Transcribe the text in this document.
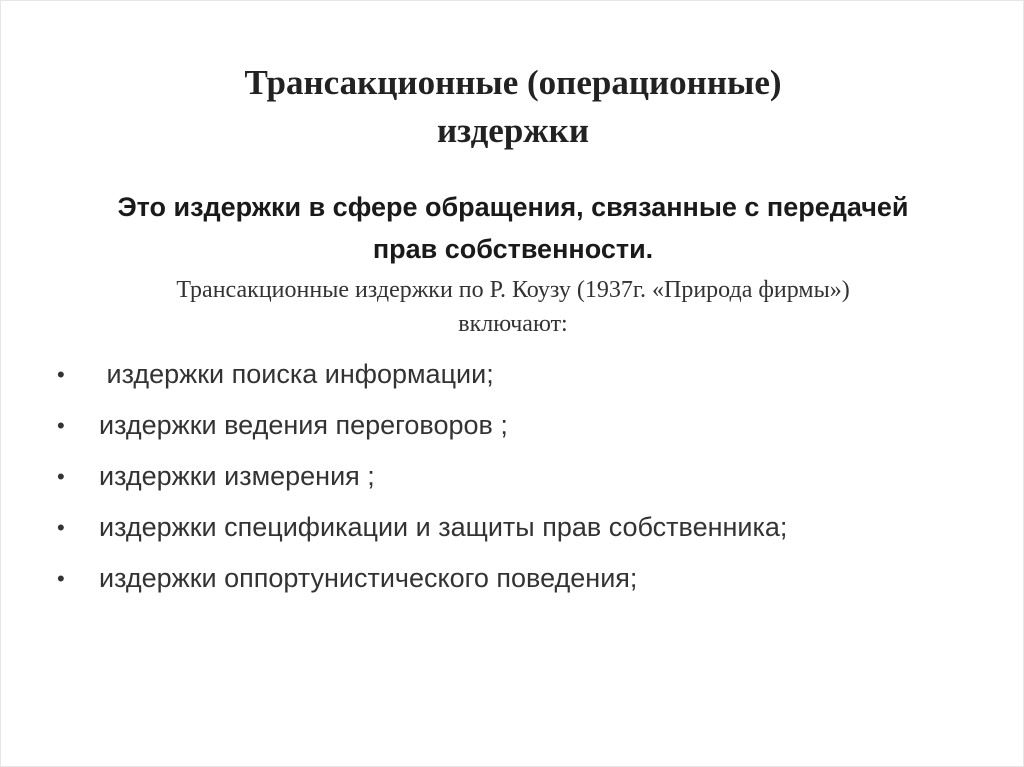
Трансакционные (операционные)
издержки
Это издержки в сфере обращения, связанные с передачей
прав собственности.
Трансакционные издержки по Р. Коузу (1937г. «Природа фирмы»)
включают:
• издержки поиска информации;
• издержки ведения переговоров ;
• издержки измерения ;
• издержки спецификации и защиты прав собственника;
• издержки оппортунистического поведения;
